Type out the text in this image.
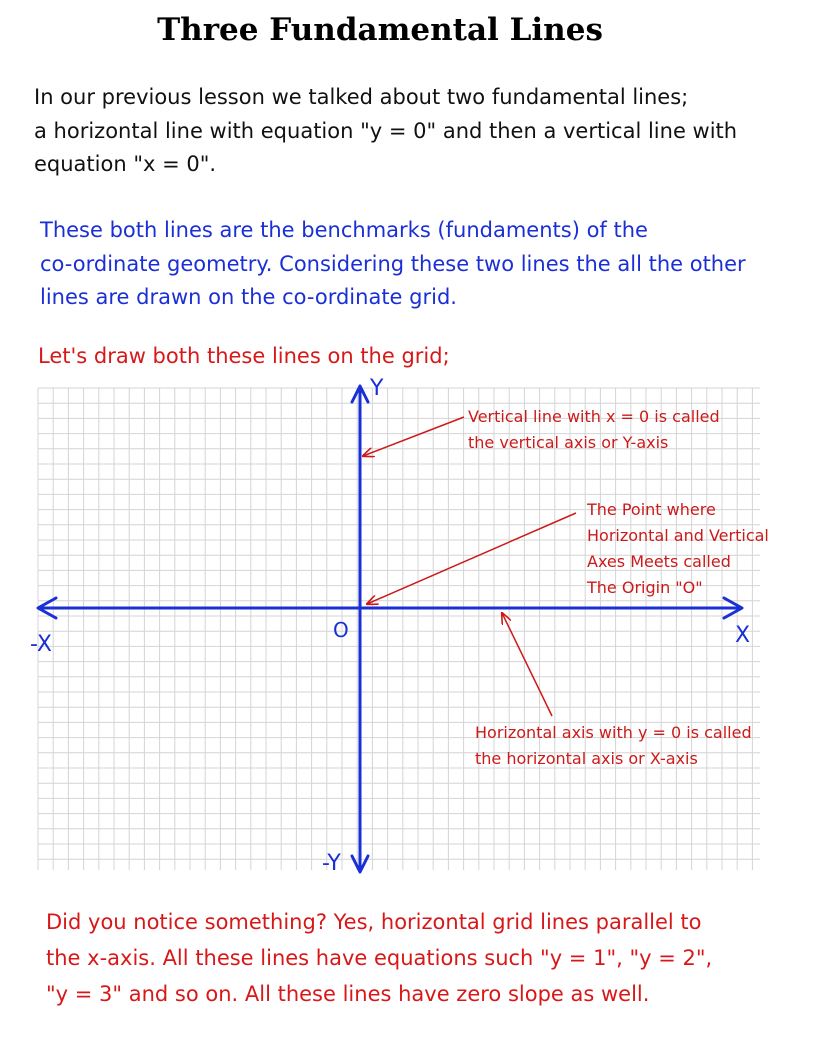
Three Fundamental Lines
In our previous lesson we talked about two fundamental lines;
a horizontal line with equation "y = 0" and then a vertical line with
equation "x = 0".
These both lines are the benchmarks (fundaments) of the
co-ordinate geometry. Considering these two lines the all the other
lines are drawn on the co-ordinate grid.
Let's draw both these lines on the grid;
Y
-Y
X
-X
O
Vertical line with x = 0 is called
the vertical axis or Y-axis
The Point where
Horizontal and Vertical
Axes Meets called
The Origin "O"
Horizontal axis with y = 0 is called
the horizontal axis or X-axis
Did you notice something? Yes, horizontal grid lines parallel to
the x-axis. All these lines have equations such "y = 1", "y = 2",
"y = 3" and so on. All these lines have zero slope as well.
